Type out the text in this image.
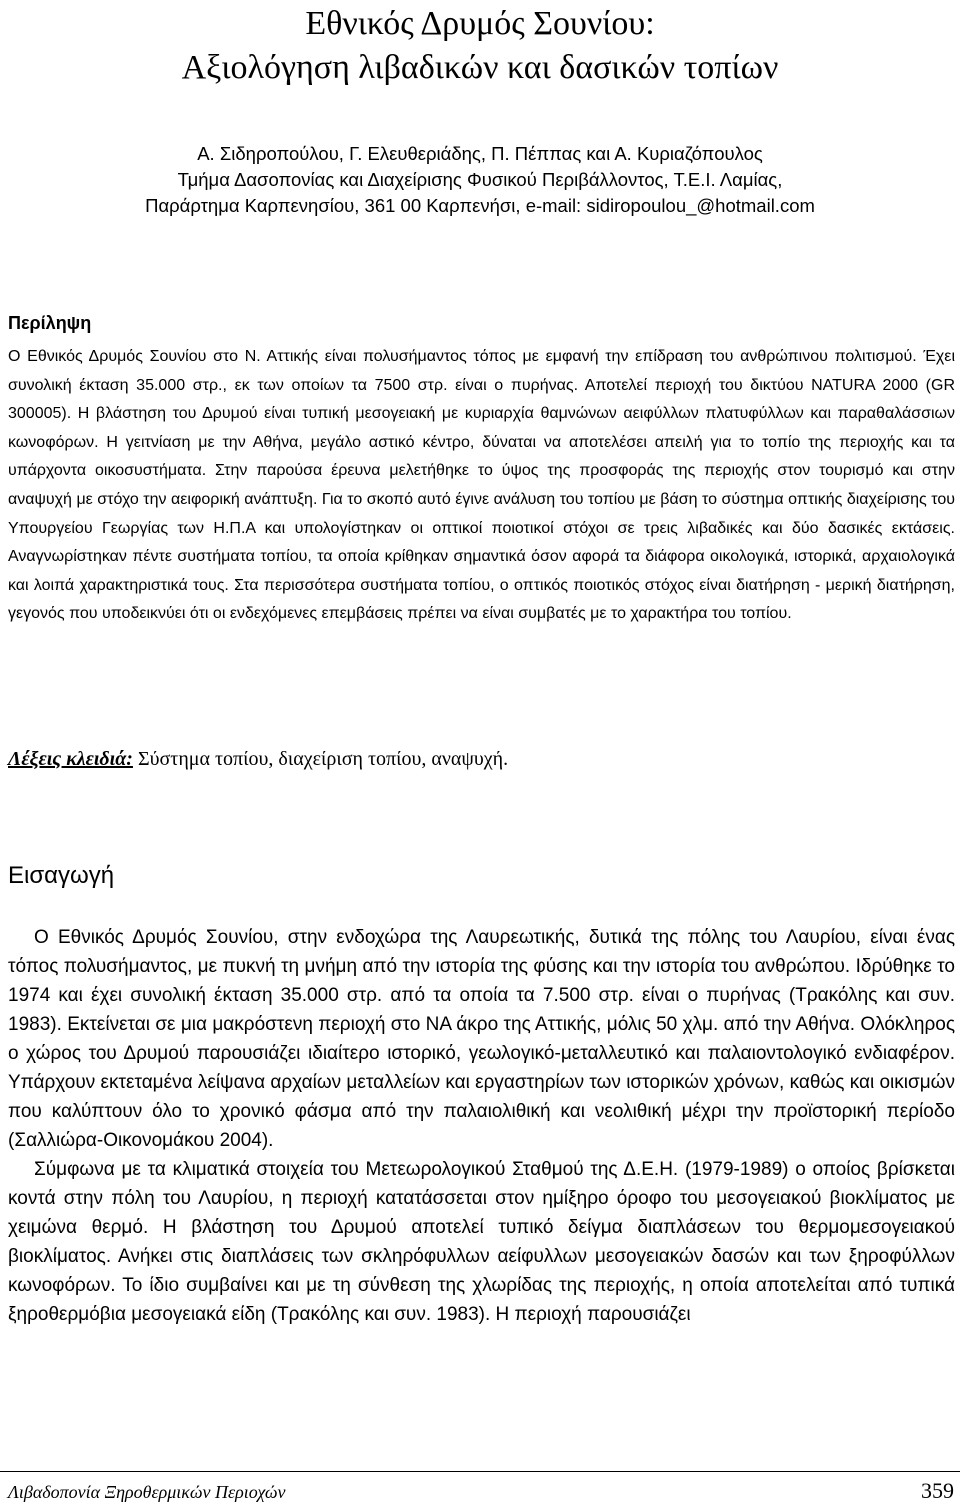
Εθνικός Δρυμός Σουνίου:
Αξιολόγηση λιβαδικών και δασικών τοπίων
Α. Σιδηροπούλου, Γ. Ελευθεριάδης, Π. Πέππας και Α. Κυριαζόπουλος
Τμήμα Δασοπονίας και Διαχείρισης Φυσικού Περιβάλλοντος, Τ.Ε.Ι. Λαμίας,
Παράρτημα Καρπενησίου, 361 00 Καρπενήσι, e-mail: sidiropoulou_@hotmail.com
Περίληψη

Ο Εθνικός Δρυμός Σουνίου στο Ν. Αττικής είναι πολυσήμαντος τόπος με εμφανή την επίδραση του ανθρώπινου πολιτισμού. Έχει συνολική έκταση 35.000 στρ., εκ των οποίων τα 7500 στρ. είναι ο πυρήνας. Αποτελεί περιοχή του δικτύου NATURA 2000 (GR 300005). Η βλάστηση του Δρυμού είναι τυπική μεσογειακή με κυριαρχία θαμνώνων αειφύλλων πλατυφύλλων και παραθαλάσσιων κωνοφόρων. Η γειτνίαση με την Αθήνα, μεγάλο αστικό κέντρο, δύναται να αποτελέσει απειλή για το τοπίο της περιοχής και τα υπάρχοντα οικοσυστήματα. Στην παρούσα έρευνα μελετήθηκε το ύψος της προσφοράς της περιοχής στον τουρισμό και στην αναψυχή με στόχο την αειφορική ανάπτυξη. Για το σκοπό αυτό έγινε ανάλυση του τοπίου με βάση το σύστημα οπτικής διαχείρισης του Υπουργείου Γεωργίας των Η.Π.Α και υπολογίστηκαν οι οπτικοί ποιοτικοί στόχοι σε τρεις λιβαδικές και δύο δασικές εκτάσεις. Αναγνωρίστηκαν πέντε συστήματα τοπίου, τα οποία κρίθηκαν σημαντικά όσον αφορά τα διάφορα οικολογικά, ιστορικά, αρχαιολογικά και λοιπά χαρακτηριστικά τους. Στα περισσότερα συστήματα τοπίου, ο οπτικός ποιοτικός στόχος είναι διατήρηση - μερική διατήρηση, γεγονός που υποδεικνύει ότι οι ενδεχόμενες επεμβάσεις πρέπει να είναι συμβατές με το χαρακτήρα του τοπίου.

Λέξεις κλειδιά: Σύστημα τοπίου, διαχείριση τοπίου, αναψυχή.
Εισαγωγή

Ο Εθνικός Δρυμός Σουνίου, στην ενδοχώρα της Λαυρεωτικής, δυτικά της πόλης του Λαυρίου, είναι ένας τόπος πολυσήμαντος, με πυκνή τη μνήμη από την ιστορία της φύσης και την ιστορία του ανθρώπου. Ιδρύθηκε το 1974 και έχει συνολική έκταση 35.000 στρ. από τα οποία τα 7.500 στρ. είναι ο πυρήνας (Τρακόλης και συν. 1983). Εκτείνεται σε μια μακρόστενη περιοχή στο ΝΑ άκρο της Αττικής, μόλις 50 χλμ. από την Αθήνα. Ολόκληρος ο χώρος του Δρυμού παρουσιάζει ιδιαίτερο ιστορικό, γεωλογικό-μεταλλευτικό και παλαιοντολογικό ενδιαφέρον. Υπάρχουν εκτεταμένα λείψανα αρχαίων μεταλλείων και εργαστηρίων των ιστορικών χρόνων, καθώς και οικισμών που καλύπτουν όλο το χρονικό φάσμα από την παλαιολιθική και νεολιθική μέχρι την προϊστορική περίοδο (Σαλλιώρα-Οικονομάκου 2004).

Σύμφωνα με τα κλιματικά στοιχεία του Μετεωρολογικού Σταθμού της Δ.Ε.Η. (1979-1989) ο οποίος βρίσκεται κοντά στην πόλη του Λαυρίου, η περιοχή κατατάσσεται στον ημίξηρο όροφο του μεσογειακού βιοκλίματος με χειμώνα θερμό. Η βλάστηση του Δρυμού αποτελεί τυπικό δείγμα διαπλάσεων του θερμομεσογειακού βιοκλίματος. Ανήκει στις διαπλάσεις των σκληρόφυλλων αείφυλλων μεσογειακών δασών και των ξηροφύλλων κωνοφόρων. Το ίδιο συμβαίνει και με τη σύνθεση της χλωρίδας της περιοχής, η οποία αποτελείται από τυπικά ξηροθερμόβια μεσογειακά είδη (Τρακόλης και συν. 1983). Η περιοχή παρουσιάζει

Λιβαδοπονία Ξηροθερμικών Περιοχών	359
